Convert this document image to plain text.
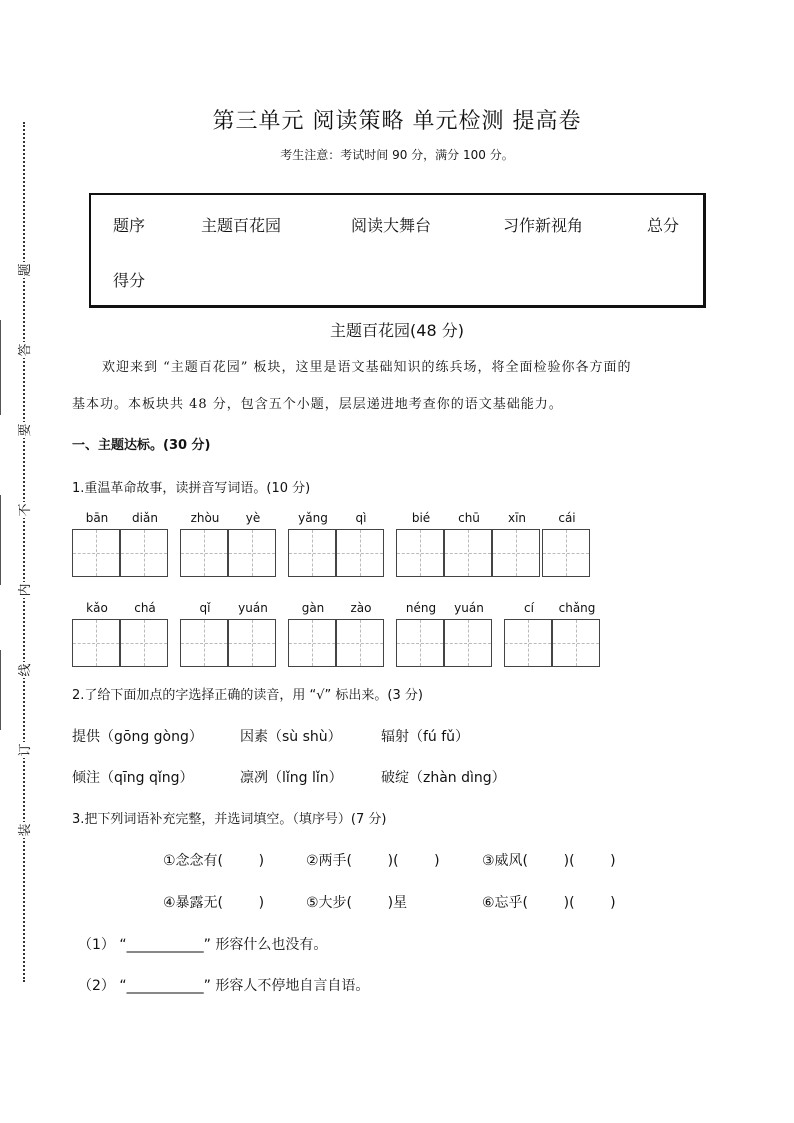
题
答
要
不
内
线
订
装
第三单元 阅读策略 单元检测 提高卷
考生注意：考试时间 90 分，满分 100 分。
题序	主题百花园	阅读大舞台	习作新视角	总分
得分
主题百花园(48 分)
欢迎来到 “主题百花园” 板块，这里是语文基础知识的练兵场，将全面检验你各方面的
基本功。本板块共 48 分，包含五个小题，层层递进地考查你的语文基础能力。
一、主题达标。(30 分)
1.重温革命故事，读拼音写词语。(10 分)
bān	diǎn	zhòu	yè	yǎng	qì	bié	chū	xīn	cái
kǎo	chá	qǐ	yuán	gàn	zào	néng	yuán	cí	chǎng
2.了给下面加点的字选择正确的读音，用 “√” 标出来。(3 分)
提供（gōng gòng）	因素（sù shù）	辐射（fú fǔ）
倾注（qīng qǐng）	凛冽（lǐng lǐn）	破绽（zhàn dìng）
3.把下列词语补充完整，并选词填空。（填序号）(7 分)
①念念有(        )	②两手(        )(        )	③威风(        )(        )
④暴露无(        )	⑤大步(        )星	⑥忘乎(        )(        )
（1） “___________” 形容什么也没有。
（2） “___________” 形容人不停地自言自语。
